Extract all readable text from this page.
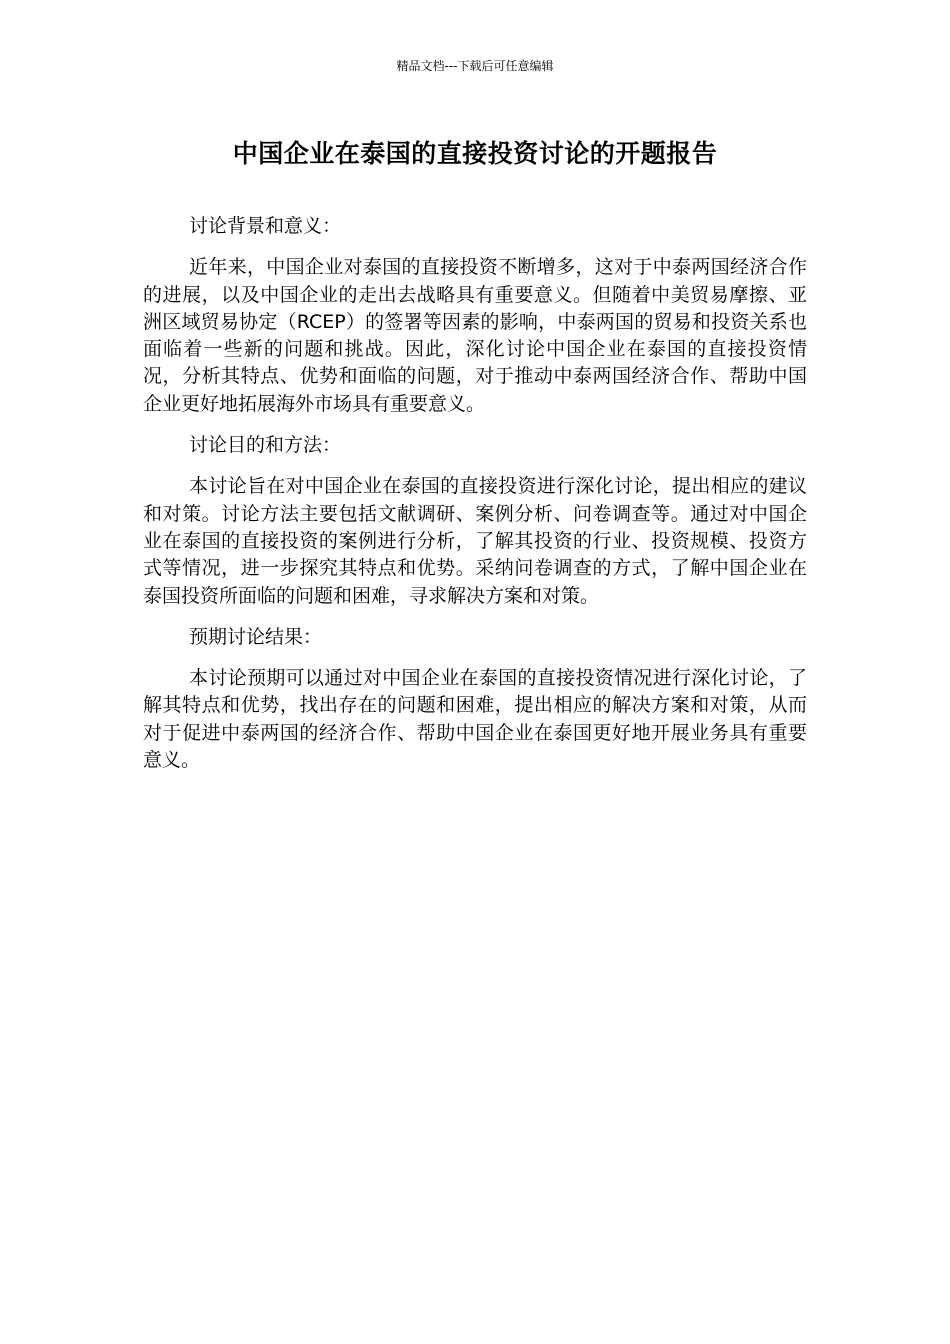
精品文档---下载后可任意编辑
中国企业在泰国的直接投资讨论的开题报告

讨论背景和意义：

近年来，中国企业对泰国的直接投资不断增多，这对于中泰两国经济合作的进展，以及中国企业的走出去战略具有重要意义。但随着中美贸易摩擦、亚洲区域贸易协定（RCEP）的签署等因素的影响，中泰两国的贸易和投资关系也面临着一些新的问题和挑战。因此，深化讨论中国企业在泰国的直接投资情况，分析其特点、优势和面临的问题，对于推动中泰两国经济合作、帮助中国企业更好地拓展海外市场具有重要意义。

讨论目的和方法：

本讨论旨在对中国企业在泰国的直接投资进行深化讨论，提出相应的建议和对策。讨论方法主要包括文献调研、案例分析、问卷调查等。通过对中国企业在泰国的直接投资的案例进行分析，了解其投资的行业、投资规模、投资方式等情况，进一步探究其特点和优势。采纳问卷调查的方式，了解中国企业在泰国投资所面临的问题和困难，寻求解决方案和对策。

预期讨论结果：

本讨论预期可以通过对中国企业在泰国的直接投资情况进行深化讨论，了解其特点和优势，找出存在的问题和困难，提出相应的解决方案和对策，从而对于促进中泰两国的经济合作、帮助中国企业在泰国更好地开展业务具有重要意义。
